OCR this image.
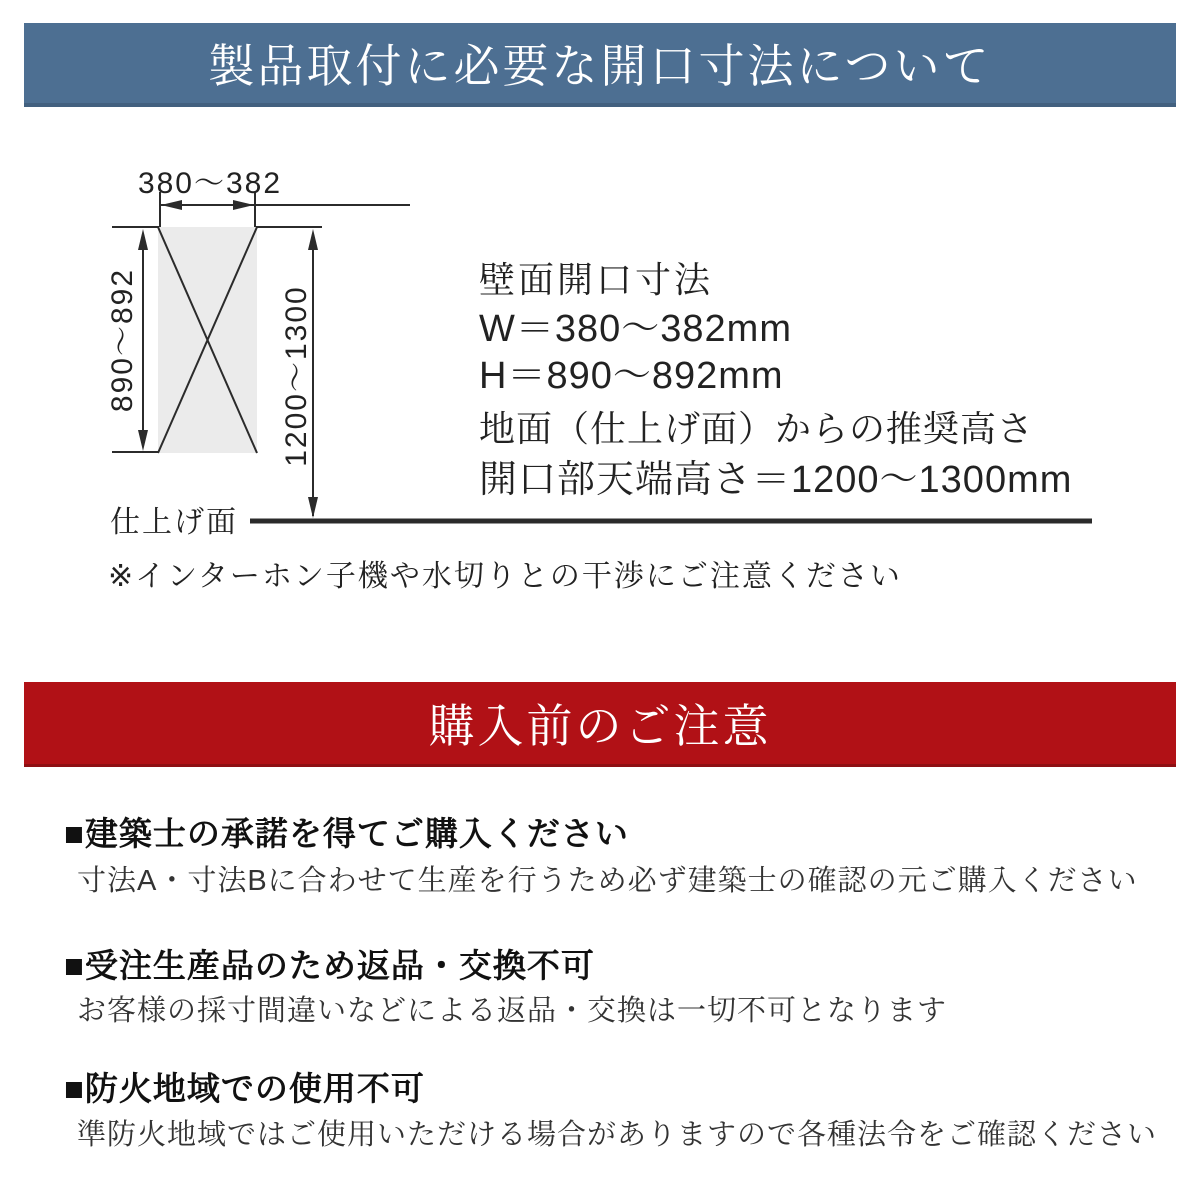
製品取付に必要な開口寸法について
380～382
890～892	1200～1300
仕上げ面
※インターホン子機や水切りとの干渉にご注意ください
壁面開口寸法
W＝380～382mm
H＝890～892mm
地面（仕上げ面）からの推奨高さ
開口部天端高さ＝1200～1300mm
購入前のご注意
■建築士の承諾を得てご購入ください
寸法A・寸法Bに合わせて生産を行うため必ず建築士の確認の元ご購入ください
■受注生産品のため返品・交換不可
お客様の採寸間違いなどによる返品・交換は一切不可となります
■防火地域での使用不可
準防火地域ではご使用いただける場合がありますので各種法令をご確認ください
